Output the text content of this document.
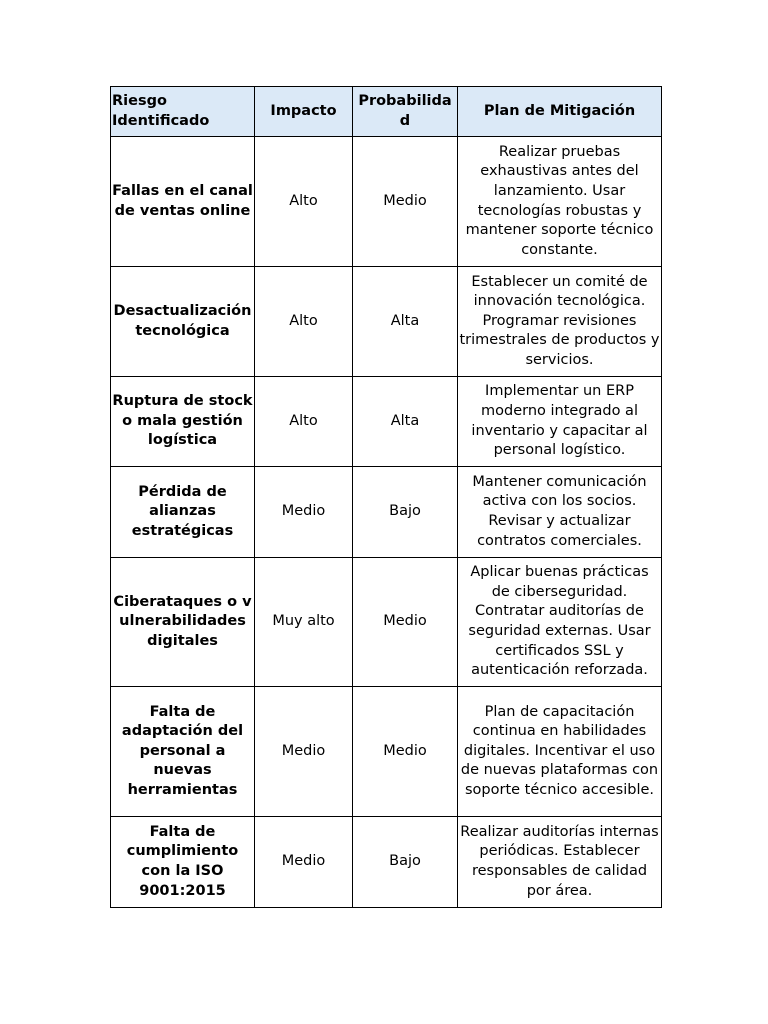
Riesgo Identificado	Impacto	Probabilidad	Plan de Mitigación
Fallas en el canal de ventas online	Alto	Medio	Realizar pruebas exhaustivas antes del lanzamiento. Usar tecnologías robustas y mantener soporte técnico constante.
Desactualización tecnológica	Alto	Alta	Establecer un comité de innovación tecnológica. Programar revisiones trimestrales de productos y servicios.
Ruptura de stock o mala gestión logística	Alto	Alta	Implementar un ERP moderno integrado al inventario y capacitar al personal logístico.
Pérdida de alianzas estratégicas	Medio	Bajo	Mantener comunicación activa con los socios. Revisar y actualizar contratos comerciales.
Ciberataques o vulnerabilidades digitales	Muy alto	Medio	Aplicar buenas prácticas de ciberseguridad. Contratar auditorías de seguridad externas. Usar certificados SSL y autenticación reforzada.
Falta de adaptación del personal a nuevas herramientas	Medio	Medio	Plan de capacitación continua en habilidades digitales. Incentivar el uso de nuevas plataformas con soporte técnico accesible.
Falta de cumplimiento con la ISO 9001:2015	Medio	Bajo	Realizar auditorías internas periódicas. Establecer responsables de calidad por área.
